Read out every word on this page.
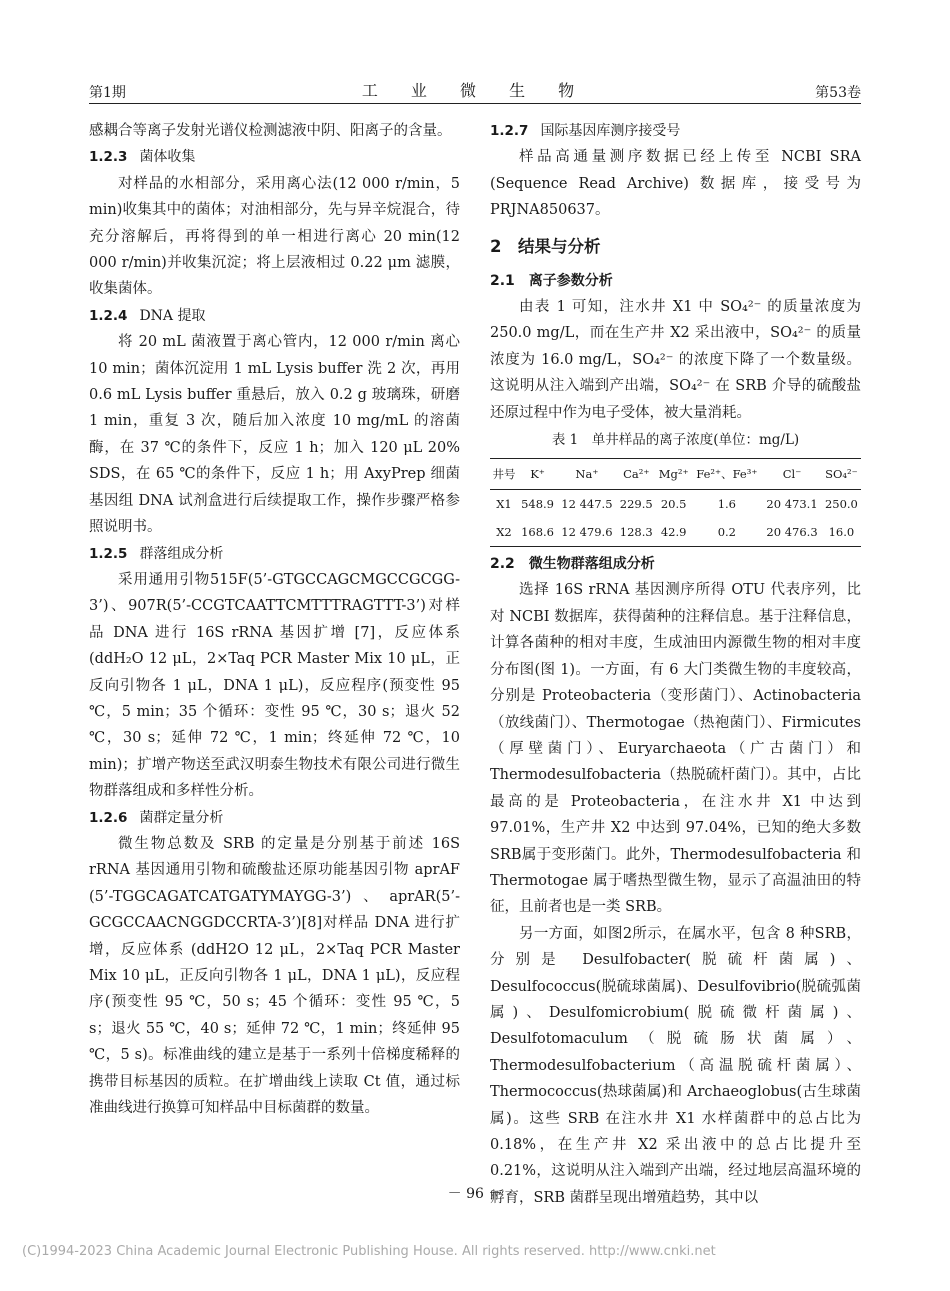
第1期	工 业 微 生 物	第53卷

感耦合等离子发射光谱仪检测滤液中阴、阳离子的含量。

1.2.3 菌体收集

对样品的水相部分，采用离心法(12 000 r/min，5 min)收集其中的菌体；对油相部分，先与异辛烷混合，待充分溶解后，再将得到的单一相进行离心 20 min(12 000 r/min)并收集沉淀；将上层液相过 0.22 μm 滤膜，收集菌体。

1.2.4 DNA 提取

将 20 mL 菌液置于离心管内，12 000 r/min 离心 10 min；菌体沉淀用 1 mL Lysis buffer 洗 2 次，再用 0.6 mL Lysis buffer 重悬后，放入 0.2 g 玻璃珠，研磨 1 min，重复 3 次，随后加入浓度 10 mg/mL 的溶菌酶，在 37 ℃的条件下，反应 1 h；加入 120 μL 20% SDS，在 65 ℃的条件下，反应 1 h；用 AxyPrep 细菌基因组 DNA 试剂盒进行后续提取工作，操作步骤严格参照说明书。

1.2.5 群落组成分析

采用通用引物515F(5’-GTGCCAGCMGCCGCGG-3’)、907R(5’-CCGTCAATTCMTTTRAGTTT-3’)对样品 DNA 进行 16S rRNA 基因扩增 [7]，反应体系(ddH₂O 12 μL，2×Taq PCR Master Mix 10 μL，正反向引物各 1 μL，DNA 1 μL)，反应程序(预变性 95 ℃，5 min；35 个循环：变性 95 ℃，30 s；退火 52 ℃，30 s；延伸 72 ℃，1 min；终延伸 72 ℃，10 min)；扩增产物送至武汉明泰生物技术有限公司进行微生物群落组成和多样性分析。

1.2.6 菌群定量分析

微生物总数及 SRB 的定量是分别基于前述 16S rRNA 基因通用引物和硫酸盐还原功能基因引物 aprAF (5’-TGGCAGATCATGATYMAYGG-3’)、aprAR(5’-GCGCCAACNGGDCCRTA-3’)[8]对样品 DNA 进行扩增，反应体系 (ddH2O 12 μL，2×Taq PCR Master Mix 10 μL，正反向引物各 1 μL，DNA 1 μL)，反应程序(预变性 95 ℃，50 s；45 个循环：变性 95 ℃，5 s；退火 55 ℃，40 s；延伸 72 ℃，1 min；终延伸 95 ℃，5 s)。标准曲线的建立是基于一系列十倍梯度稀释的携带目标基因的质粒。在扩增曲线上读取 Ct 值，通过标准曲线进行换算可知样品中目标菌群的数量。

1.2.7 国际基因库测序接受号

样品高通量测序数据已经上传至 NCBI SRA (Sequence Read Archive) 数据库，接受号为 PRJNA850637。

2　结果与分析
2.1 离子参数分析

由表 1 可知，注水井 X1 中 SO₄²⁻ 的质量浓度为 250.0 mg/L，而在生产井 X2 采出液中，SO₄²⁻ 的质量浓度为 16.0 mg/L，SO₄²⁻ 的浓度下降了一个数量级。这说明从注入端到产出端，SO₄²⁻ 在 SRB 介导的硫酸盐还原过程中作为电子受体，被大量消耗。

表 1　单井样品的离子浓度(单位：mg/L)
井号	K⁺	Na⁺	Ca²⁺	Mg²⁺	Fe²⁺、Fe³⁺	Cl⁻	SO₄²⁻
X1	548.9	12 447.5	229.5	20.5	1.6	20 473.1	250.0
X2	168.6	12 479.6	128.3	42.9	0.2	20 476.3	16.0
2.2 微生物群落组成分析

选择 16S rRNA 基因测序所得 OTU 代表序列，比对 NCBI 数据库，获得菌种的注释信息。基于注释信息，计算各菌种的相对丰度，生成油田内源微生物的相对丰度分布图(图 1)。一方面，有 6 大门类微生物的丰度较高，分别是 Proteobacteria（变形菌门）、Actinobacteria（放线菌门）、Thermotogae（热袍菌门）、Firmicutes（厚壁菌门）、Euryarchaeota（广古菌门）和 Thermodesulfobacteria（热脱硫杆菌门）。其中，占比最高的是 Proteobacteria，在注水井 X1 中达到 97.01%，生产井 X2 中达到 97.04%，已知的绝大多数SRB属于变形菌门。此外，Thermodesulfobacteria 和 Thermotogae 属于嗜热型微生物，显示了高温油田的特征，且前者也是一类 SRB。

另一方面，如图2所示，在属水平，包含 8 种SRB，分别是 Desulfobacter(脱硫杆菌属)、Desulfococcus(脱硫球菌属)、Desulfovibrio(脱硫弧菌属)、Desulfomicrobium(脱硫微杆菌属)、Desulfotomaculum（脱硫肠状菌属）、Thermodesulfobacterium（高温脱硫杆菌属）、Thermococcus(热球菌属)和 Archaeoglobus(古生球菌属)。这些 SRB 在注水井 X1 水样菌群中的总占比为 0.18%，在生产井 X2 采出液中的总占比提升至 0.21%，这说明从注入端到产出端，经过地层高温环境的孵育，SRB 菌群呈现出增殖趋势，其中以

－ 96 －
(C)1994-2023 China Academic Journal Electronic Publishing House. All rights reserved. http://www.cnki.net
